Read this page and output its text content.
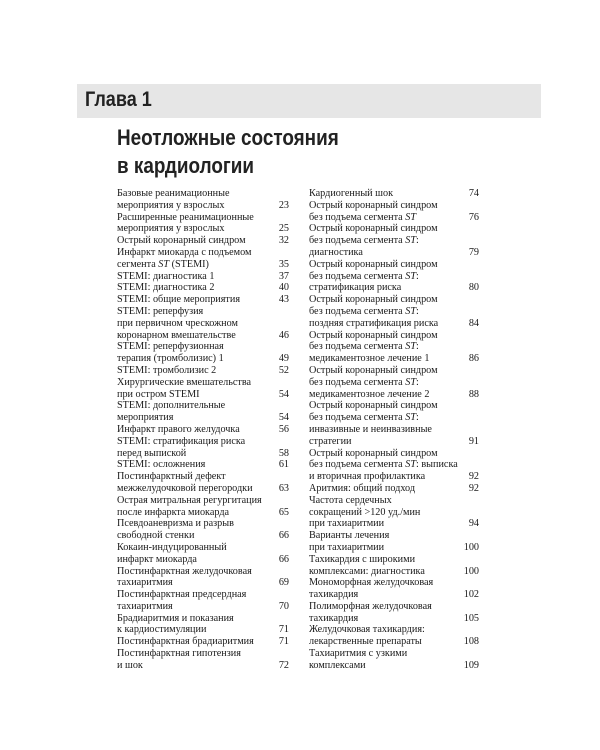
Глава 1
Неотложные состояния
в кардиологии
Базовые реанимационные
мероприятия у взрослых	23
Расширенные реанимационные
мероприятия у взрослых	25
Острый коронарный синдром	32
Инфаркт миокарда с подъемом
сегмента ST (STEMI)	35
STEMI: диагностика 1	37
STEMI: диагностика 2	40
STEMI: общие мероприятия	43
STEMI: реперфузия
при первичном чрескожном
коронарном вмешательстве	46
STEMI: реперфузионная
терапия (тромболизис) 1	49
STEMI: тромболизис 2	52
Хирургические вмешательства
при остром STEMI	54
STEMI: дополнительные
мероприятия	54
Инфаркт правого желудочка	56
STEMI: стратификация риска
перед выпиской	58
STEMI: осложнения	61
Постинфарктный дефект
межжелудочковой перегородки	63
Острая митральная регургитация
после инфаркта миокарда	65
Псевдоаневризма и разрыв
свободной стенки	66
Кокаин-индуцированный
инфаркт миокарда	66
Постинфарктная желудочковая
тахиаритмия	69
Постинфарктная предсердная
тахиаритмия	70
Брадиаритмия и показания
к кардиостимуляции	71
Постинфарктная брадиаритмия	71
Постинфарктная гипотензия
и шок	72
Кардиогенный шок	74
Острый коронарный синдром
без подъема сегмента ST	76
Острый коронарный синдром
без подъема сегмента ST:
диагностика	79
Острый коронарный синдром
без подъема сегмента ST:
стратификация риска	80
Острый коронарный синдром
без подъема сегмента ST:
поздняя стратификация риска	84
Острый коронарный синдром
без подъема сегмента ST:
медикаментозное лечение 1	86
Острый коронарный синдром
без подъема сегмента ST:
медикаментозное лечение 2	88
Острый коронарный синдром
без подъема сегмента ST:
инвазивные и неинвазивные
стратегии	91
Острый коронарный синдром
без подъема сегмента ST: выписка
и вторичная профилактика	92
Аритмия: общий подход	92
Частота сердечных
сокращений >120 уд./мин
при тахиаритмии	94
Варианты лечения
при тахиаритмии	100
Тахикардия с широкими
комплексами: диагностика	100
Мономорфная желудочковая
тахикардия	102
Полиморфная желудочковая
тахикардия	105
Желудочковая тахикардия:
лекарственные препараты	108
Тахиаритмия с узкими
комплексами	109
